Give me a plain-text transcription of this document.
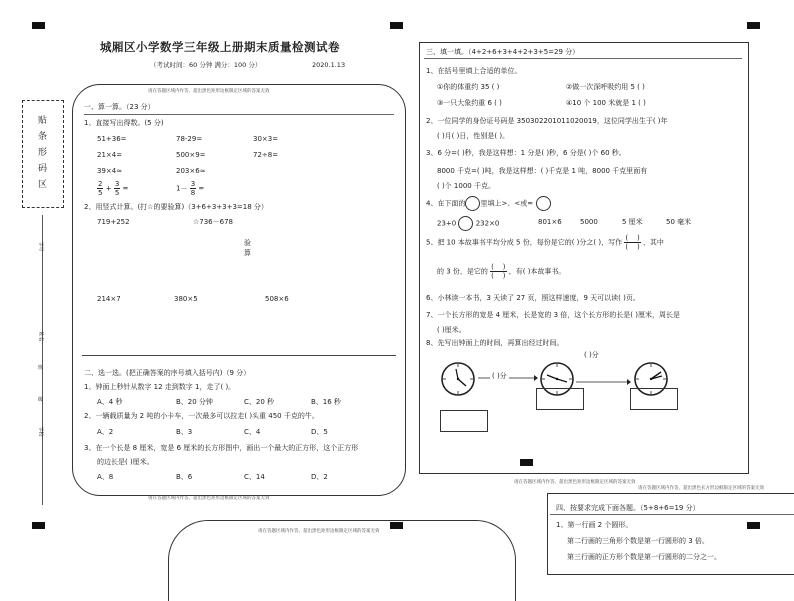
城厢区小学数学三年级上册期末质量检测试卷
（考试时间：60 分钟 满分：100 分）	2020.1.13
贴
条
形
码
区
学号
姓名
班
级
学校
请在答题区域内作答，超出黑色矩形边框限定区域的答案无效
一、算一算。（23 分）
1、直接写出得数。(5 分)
51+36=	78-29=	30×3=
21×4=	500×9=	72÷8=
39×4≈	203×6≈
$\frac{2}{5} + \frac{3}{5}$ =	$1- \frac{3}{8}$ =
2、用竖式计算。(打☆的要验算)（3+6+3+3+3=18 分）
719+252	☆736－678
验
算
214×7	380×5	508×6
二、选一选。(把正确答案的序号填入括号内)（9 分）
1、钟面上秒针从数字 12 走到数字 1，走了( )。
A、4 秒	B、20 分钟	C、20 秒	B、16 秒
2、一辆载质量为 2 吨的小卡车，一次最多可以拉走( )头重 450 千克的牛。
A、2	B、3	C、4	D、5
3、在一个长是 8 厘米，宽是 6 厘米的长方形图中，画出一个最大的正方形，这个正方形
的边长是( )厘米。
A、8	B、6	C、14	D、2
请在答题区域内作答，超出黑色矩形边框限定区域的答案无效
请在答题区域内作答，超出黑色矩形边框限定区域的答案无效
三、填一填。（4+2+6+3+4+2+3+5=29 分）
1、在括号里填上合适的单位。
①你的体重约 35 ( )	②做一次深呼吸约用 5 ( )
③一只大象约重 6 ( )	④10 个 100 米就是 1 ( )
2、一位同学的身份证号码是 350302201011020019，这位同学出生于( )年
( )月( )日，性别是( )。
3、6 分=( )秒，我是这样想：1 分是( )秒，6 分是( )个 60 秒。
8000 千克=( )吨，我是这样想：( )千克是 1 吨，8000 千克里面有
( )个 1000 千克。
4、在下面的 里填上>、<或=
23+0	232×0	801×6	5000	5 厘米	50 毫米
5、把 10 本故事书平均分成 5 份，每份是它的( )分之( )，写作 $\frac{( )}{( )}$ ，其中
的 3 份，是它的 $\frac{( )}{( )}$ ，有( )本故事书。
6、小林读一本书，3 天读了 27 页，照这样速度，9 天可以读( )页。
7、一个长方形的宽是 4 厘米，长是宽的 3 倍，这个长方形的长是( )厘米，周长是
( )厘米。
8、先写出钟面上的时间，再算出经过时间。
( )分
( )分
请在答题区域内作答，超出黑色矩形边框限定区域的答案无效
请在答题区域内作答，超出黑色长方形边框限定区域的答案无效
四、按要求完成下面各题。（5+8+6=19 分）
1、第一行画 2 个圆形。
第二行画的三角形个数是第一行圆形的 3 倍。
第三行画的正方形个数是第一行圆形的二分之一。
